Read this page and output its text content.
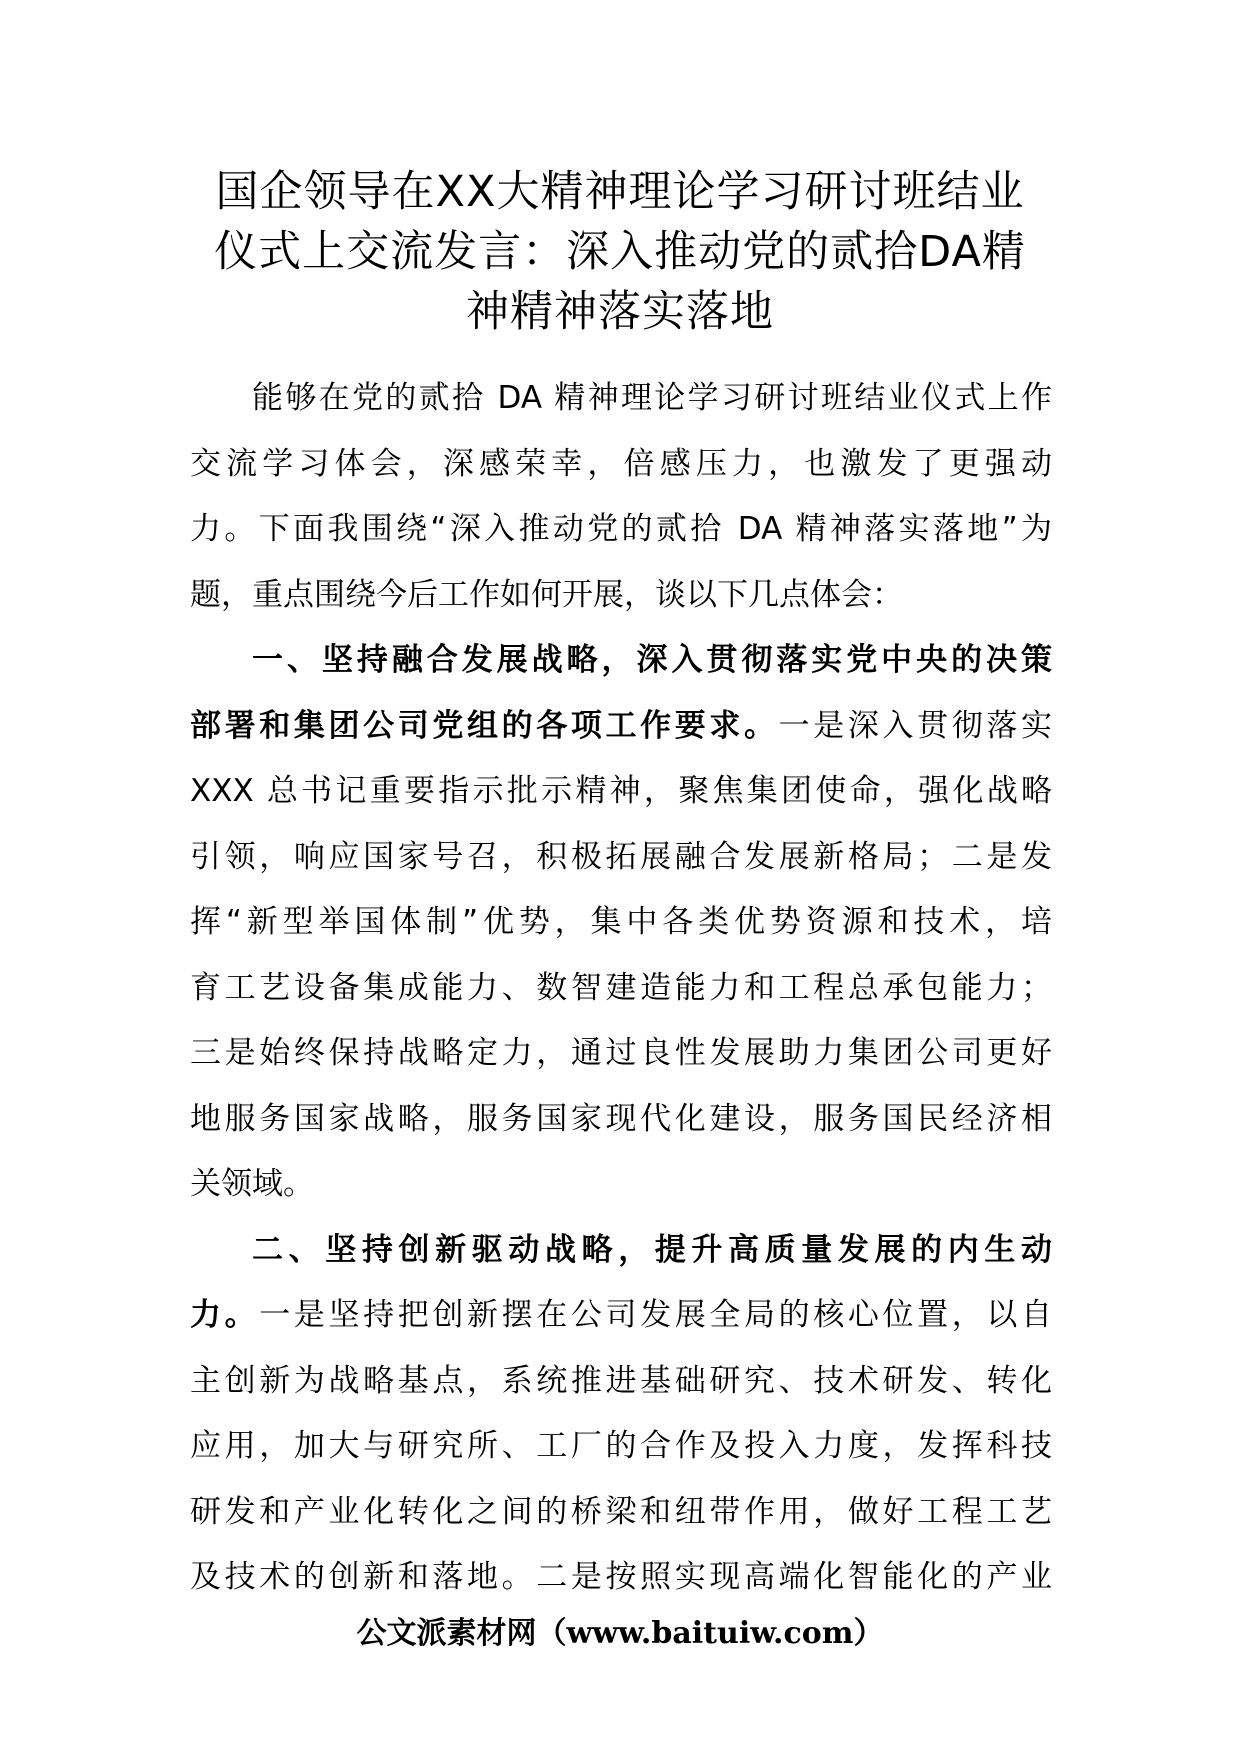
国企领导在XX大精神理论学习研讨班结业
仪式上交流发言：深入推动党的贰拾DA精
神精神落实落地
能够在党的贰拾 DA 精神理论学习研讨班结业仪式上作
交流学习体会，深感荣幸，倍感压力，也激发了更强动
力。下面我围绕“深入推动党的贰拾 DA 精神落实落地”为
题，重点围绕今后工作如何开展，谈以下几点体会：
一、坚持融合发展战略，深入贯彻落实党中央的决策
部署和集团公司党组的各项工作要求。一是深入贯彻落实
XXX 总书记重要指示批示精神，聚焦集团使命，强化战略
引领，响应国家号召，积极拓展融合发展新格局；二是发
挥“新型举国体制”优势，集中各类优势资源和技术，培
育工艺设备集成能力、数智建造能力和工程总承包能力；
三是始终保持战略定力，通过良性发展助力集团公司更好
地服务国家战略，服务国家现代化建设，服务国民经济相
关领域。
二、坚持创新驱动战略，提升高质量发展的内生动
力。一是坚持把创新摆在公司发展全局的核心位置，以自
主创新为战略基点，系统推进基础研究、技术研发、转化
应用，加大与研究所、工厂的合作及投入力度，发挥科技
研发和产业化转化之间的桥梁和纽带作用，做好工程工艺
及技术的创新和落地。二是按照实现高端化智能化的产业
公文派素材网（www.baituiw.com）
